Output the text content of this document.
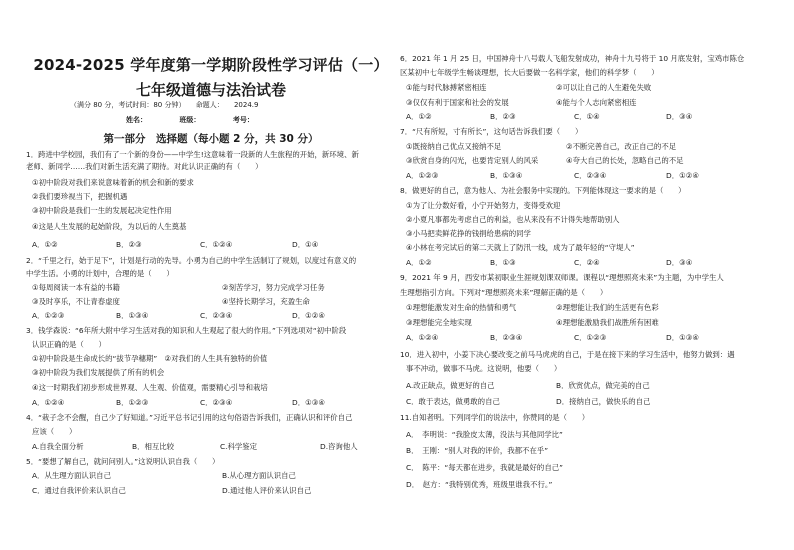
2024-2025 学年度第一学期阶段性学习评估（一）
七年级道德与法治试卷
（满分 80 分，考试时间：80 分钟） 命题人： 2024.9
姓名：	班级：	考号：
第一部分　选择题（每小题 2 分，共 30 分）
1．跨进中学校园，我们有了一个新的身份——中学生!这意味着一段新的人生旅程的开始，新环境、新
老师、新同学……我们对新生活充满了期待。对此认识正确的有（　　）
①初中阶段对我们来说意味着新的机会和新的要求
②我们要珍视当下，把握机遇
③初中阶段是我们一生的发展起决定性作用
④这是人生发展的起始阶段，为以后的人生奠基
A．①②	B．②③	C．①②④	D．①④
2．“千里之行，始于足下”，计划是行动的先导。小勇为自己的中学生活制订了规划，以度过有意义的
中学生活。小勇的计划中，合理的是（　　）
①每周阅读一本有益的书籍	②刻苦学习，努力完成学习任务
③及时享乐，不让青春虚度	④坚持长期学习，充盈生命
A．①②③	B．①③④	C．②③④	D．①②④
3．钱学森说：“6年所大附中学习生活对我的知识和人生观起了很大的作用。”下列选项对“初中阶段
认识正确的是（　　）
①初中阶段是生命成长的“拔节孕穗期”　②对我们的人生具有独特的价值
③初中阶段为我们发展提供了所有的机会
④这一时期我们初步形成世界观、人生观、价值观，需要精心引导和栽培
A．①②④	B．①②③	C．②③④	D．①③④
4．“栽子念不会醒，自己少了好知道。”习近平总书记引用的这句俗语告诉我们，正确认识和评价自己
应该（　　）
A.自我全面分析	B．相互比较	C.科学鉴定	D.咨询他人
5．“要想了解自己，就问问别人。”这说明认识自我（　　）
A．从生理方面认识自己	B.从心理方面认识自己
C．通过自我评价来认识自己	D.通过他人评价来认识自己
6．2021 年 1 月 25 日，中国神舟十八号载人飞船发射成功，神舟十九号将于 10 月底发射，宝鸡市陈仓
区某初中七年级学生畅谈理想，长大后要做一名科学家，他们的科学梦（　　）
①能与时代脉搏紧密相连	②可以让自己的人生避免失败
③仅仅有利于国家和社会的发展	④能与个人志向紧密相连
A．①②	B．②③	C．①④	D．③④
7．“尺有所短，寸有所长”，这句话告诉我们要（　　）
①既接纳自己优点又接纳不足	②不断完善自己，改正自己的不足
③欣赏自身的闪光，也要肯定别人的风采	④夸大自己的长处，忽略自己的不足
A．①②③	B．①③④	C．②③④	D．①②④
8．做更好的自己，意为他人、为社会服务中实现的。下列能体现这一要求的是（　　）
①为了让分数好看，小宁开始努力，变得受欢迎
②小夏凡事都先考虑自己的利益，也从来没有不计得失地帮助别人
③小马把卖鲜花挣的钱捐给患病的同学
④小林在考完试后的第二天就上了防汛一线，成为了最年轻的“守堤人”
A．①②	B．①③	C．②④	D．③④
9．2021 年 9 月，西安市某初职业生涯规划课双师课。课程以“理想照亮未来”为主题，为中学生人
生理想指引方向。下列对“理想照亮未来”理解正确的是（　　）
①理想能激发对生命的热情和勇气	②理想能让我们的生活更有色彩
③理想能完全地实现	④理想能激励我们战胜所有困难
A．①②④	B．②③④	C．①②③	D．①③④
10．进入初中，小姜下决心要改变之前马马虎虎的自己，于是在接下来的学习生活中，他努力做到：遇
事不冲动，做事不马虎。这说明，他要（　　）
A.改正缺点，做更好的自己	B．欣赏优点，做完美的自己
C．敢于表达，做勇敢的自己	D．接纳自己，做快乐的自己
11.自知者明。下列同学们的说法中，你赞同的是（　　）
A．　李明说：“我脸皮太薄，没法与其他同学比”
B．　王刚：“别人对我的评价，我都不在乎”
C．　陈平：“每天都在进步，我就是最好的自己”
D．　赵方：“我特别优秀，班级里谁我不行。”
